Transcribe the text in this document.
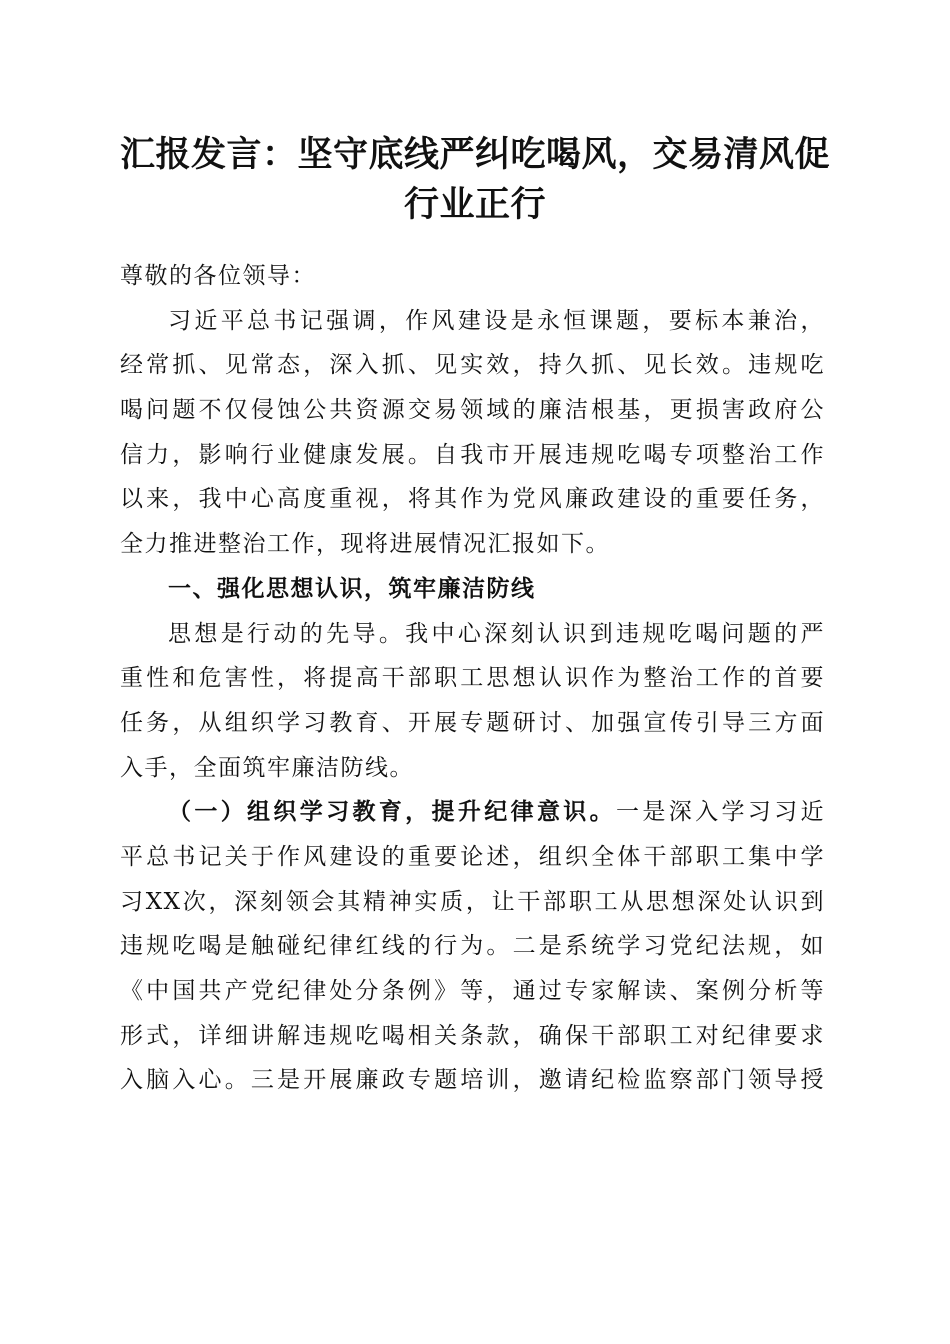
汇报发言：坚守底线严纠吃喝风，交易清风促
行业正行
尊敬的各位领导：
习近平总书记强调，作风建设是永恒课题，要标本兼治，
经常抓、见常态，深入抓、见实效，持久抓、见长效。违规吃
喝问题不仅侵蚀公共资源交易领域的廉洁根基，更损害政府公
信力，影响行业健康发展。自我市开展违规吃喝专项整治工作
以来，我中心高度重视，将其作为党风廉政建设的重要任务，
全力推进整治工作，现将进展情况汇报如下。
一、强化思想认识，筑牢廉洁防线
思想是行动的先导。我中心深刻认识到违规吃喝问题的严
重性和危害性，将提高干部职工思想认识作为整治工作的首要
任务，从组织学习教育、开展专题研讨、加强宣传引导三方面
入手，全面筑牢廉洁防线。
（一）组织学习教育，提升纪律意识。一是深入学习习近
平总书记关于作风建设的重要论述，组织全体干部职工集中学
习XX次，深刻领会其精神实质，让干部职工从思想深处认识到
违规吃喝是触碰纪律红线的行为。二是系统学习党纪法规，如
《中国共产党纪律处分条例》等，通过专家解读、案例分析等
形式，详细讲解违规吃喝相关条款，确保干部职工对纪律要求
入脑入心。三是开展廉政专题培训，邀请纪检监察部门领导授
